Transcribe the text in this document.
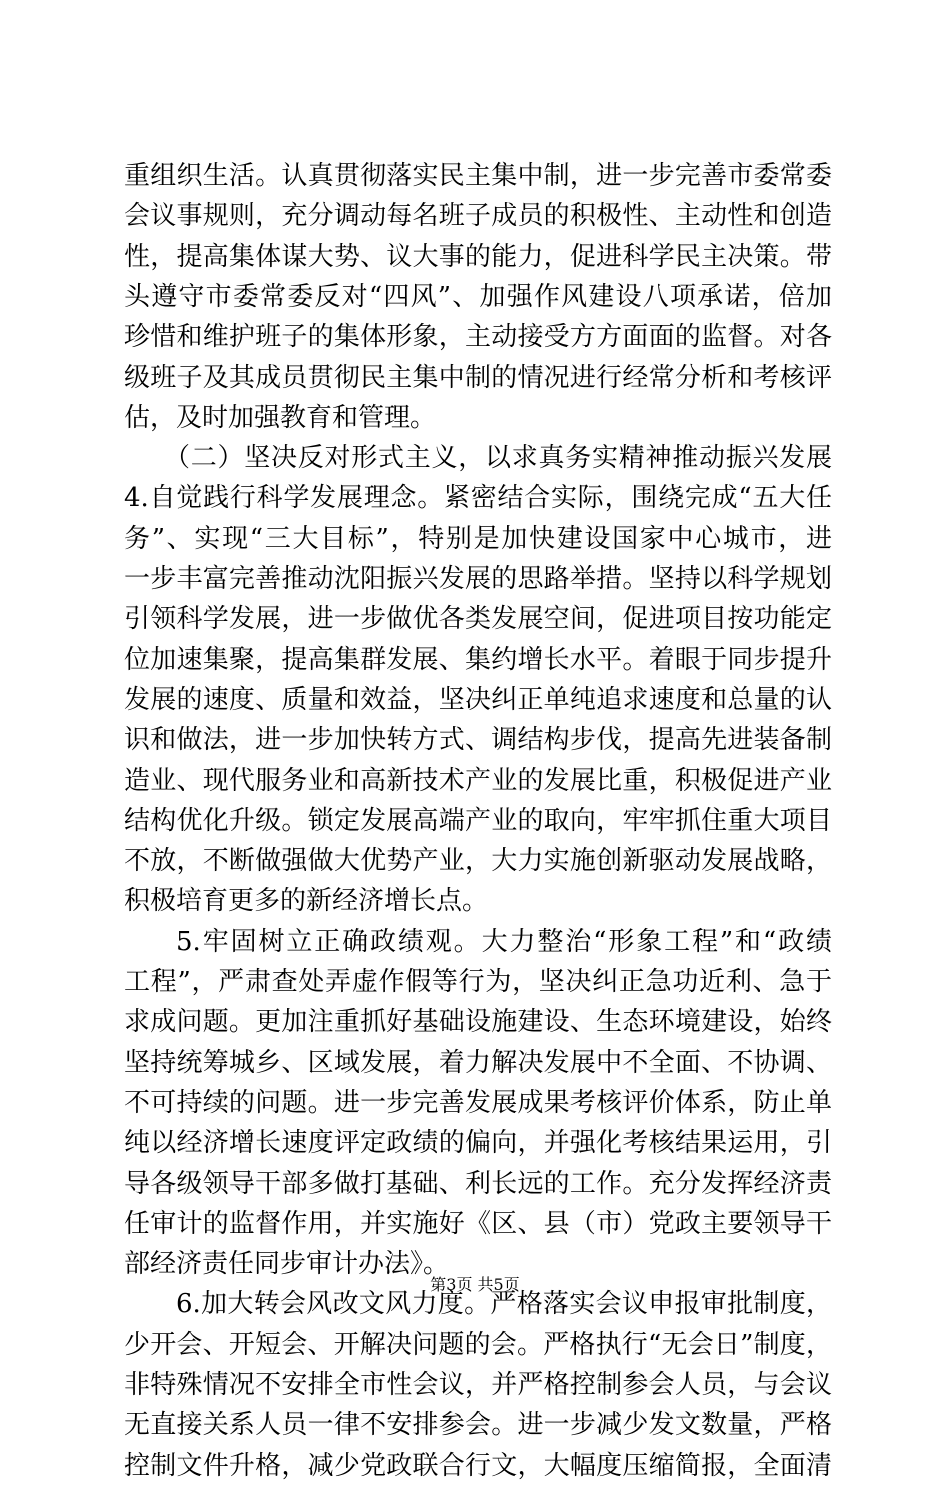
重组织生活。认真贯彻落实民主集中制，进一步完善市委常委
会议事规则，充分调动每名班子成员的积极性、主动性和创造
性，提高集体谋大势、议大事的能力，促进科学民主决策。带
头遵守市委常委反对“四风”、加强作风建设八项承诺，倍加
珍惜和维护班子的集体形象，主动接受方方面面的监督。对各
级班子及其成员贯彻民主集中制的情况进行经常分析和考核评
估，及时加强教育和管理。
（二）坚决反对形式主义，以求真务实精神推动振兴发展
4.自觉践行科学发展理念。紧密结合实际，围绕完成“五大任
务”、实现“三大目标”，特别是加快建设国家中心城市，进
一步丰富完善推动沈阳振兴发展的思路举措。坚持以科学规划
引领科学发展，进一步做优各类发展空间，促进项目按功能定
位加速集聚，提高集群发展、集约增长水平。着眼于同步提升
发展的速度、质量和效益，坚决纠正单纯追求速度和总量的认
识和做法，进一步加快转方式、调结构步伐，提高先进装备制
造业、现代服务业和高新技术产业的发展比重，积极促进产业
结构优化升级。锁定发展高端产业的取向，牢牢抓住重大项目
不放，不断做强做大优势产业，大力实施创新驱动发展战略，
积极培育更多的新经济增长点。
5.牢固树立正确政绩观。大力整治“形象工程”和“政绩
工程”，严肃查处弄虚作假等行为，坚决纠正急功近利、急于
求成问题。更加注重抓好基础设施建设、生态环境建设，始终
坚持统筹城乡、区域发展，着力解决发展中不全面、不协调、
不可持续的问题。进一步完善发展成果考核评价体系，防止单
纯以经济增长速度评定政绩的偏向，并强化考核结果运用，引
导各级领导干部多做打基础、利长远的工作。充分发挥经济责
任审计的监督作用，并实施好《区、县（市）党政主要领导干
部经济责任同步审计办法》。
6.加大转会风改文风力度。严格落实会议申报审批制度，
少开会、开短会、开解决问题的会。严格执行“无会日”制度，
非特殊情况不安排全市性会议，并严格控制参会人员，与会议
无直接关系人员一律不安排参会。进一步减少发文数量，严格
控制文件升格，减少党政联合行文，大幅度压缩简报，全面清
第3页 共5页
